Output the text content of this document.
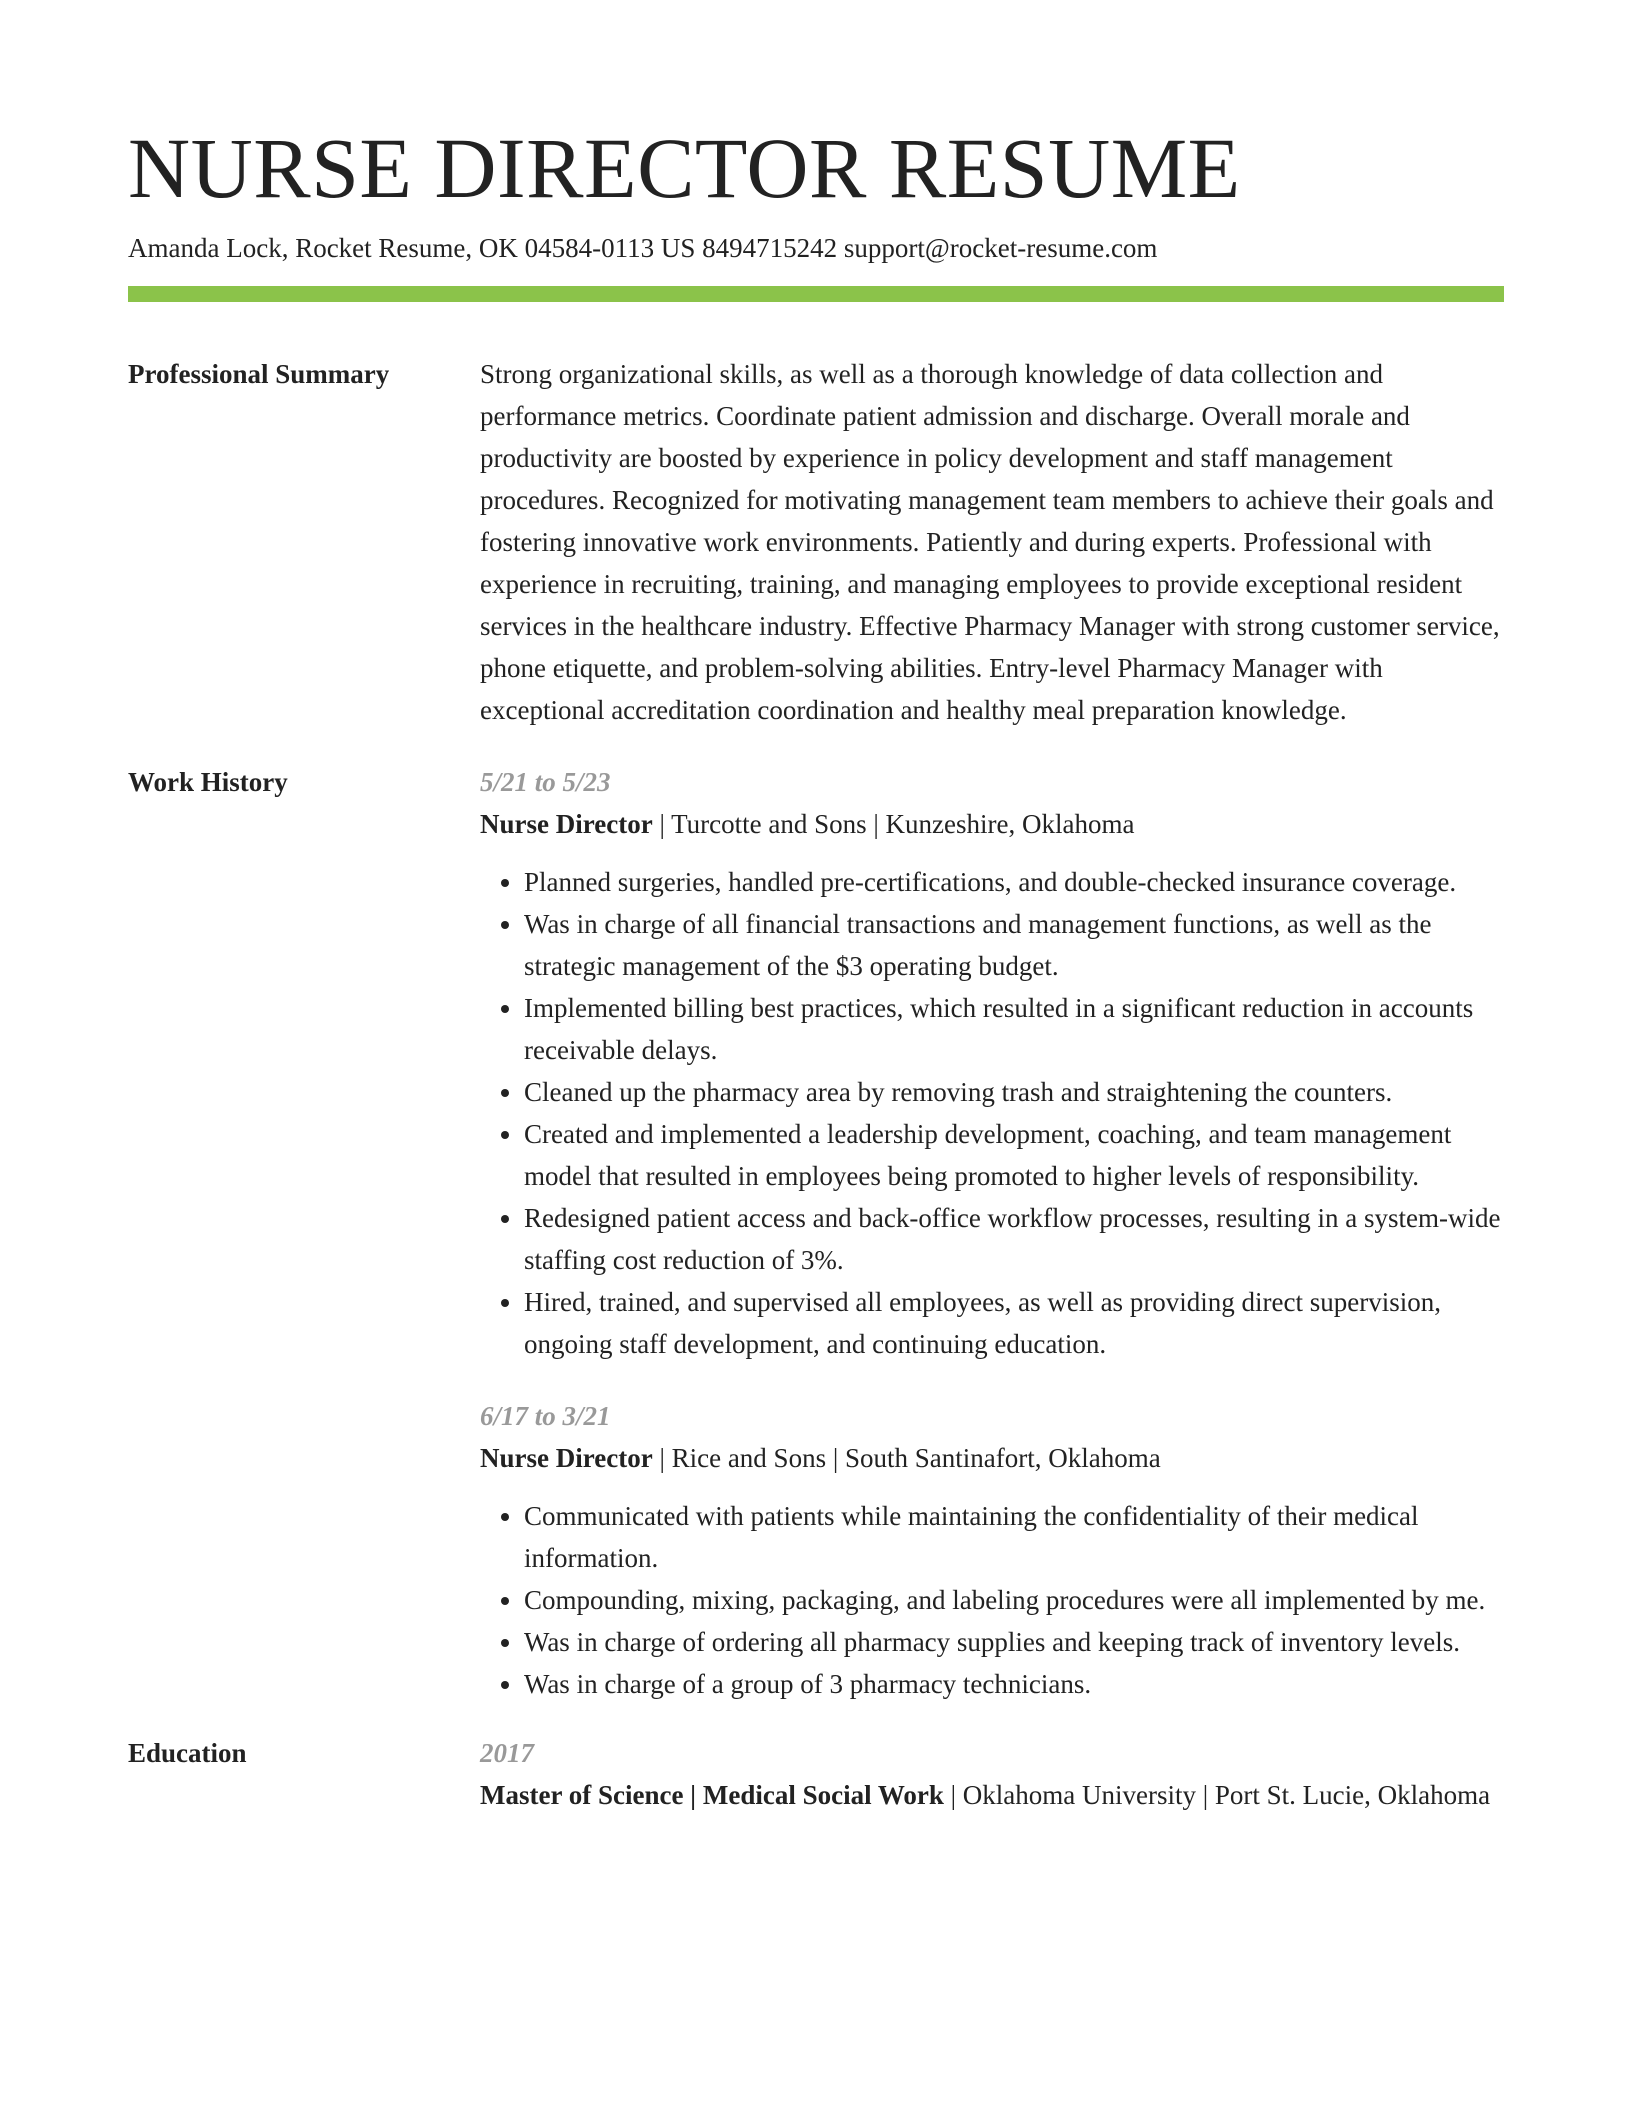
NURSE DIRECTOR RESUME
Amanda Lock, Rocket Resume, OK 04584-0113 US 8494715242 support@rocket-resume.com
Professional Summary	Strong organizational skills, as well as a thorough knowledge of data collection and performance metrics. Coordinate patient admission and discharge. Overall morale and productivity are boosted by experience in policy development and staff management procedures. Recognized for motivating management team members to achieve their goals and fostering innovative work environments. Patiently and during experts. Professional with experience in recruiting, training, and managing employees to provide exceptional resident services in the healthcare industry. Effective Pharmacy Manager with strong customer service, phone etiquette, and problem-solving abilities. Entry-level Pharmacy Manager with exceptional accreditation coordination and healthy meal preparation knowledge.
Work History	5/21 to 5/23
Nurse Director | Turcotte and Sons | Kunzeshire, Oklahoma
• Planned surgeries, handled pre-certifications, and double-checked insurance coverage.
• Was in charge of all financial transactions and management functions, as well as the strategic management of the $3 operating budget.
• Implemented billing best practices, which resulted in a significant reduction in accounts receivable delays.
• Cleaned up the pharmacy area by removing trash and straightening the counters.
• Created and implemented a leadership development, coaching, and team management model that resulted in employees being promoted to higher levels of responsibility.
• Redesigned patient access and back-office workflow processes, resulting in a system-wide staffing cost reduction of 3%.
• Hired, trained, and supervised all employees, as well as providing direct supervision, ongoing staff development, and continuing education.
6/17 to 3/21
Nurse Director | Rice and Sons | South Santinafort, Oklahoma
• Communicated with patients while maintaining the confidentiality of their medical information.
• Compounding, mixing, packaging, and labeling procedures were all implemented by me.
• Was in charge of ordering all pharmacy supplies and keeping track of inventory levels.
• Was in charge of a group of 3 pharmacy technicians.
Education	2017
Master of Science | Medical Social Work | Oklahoma University | Port St. Lucie, Oklahoma
